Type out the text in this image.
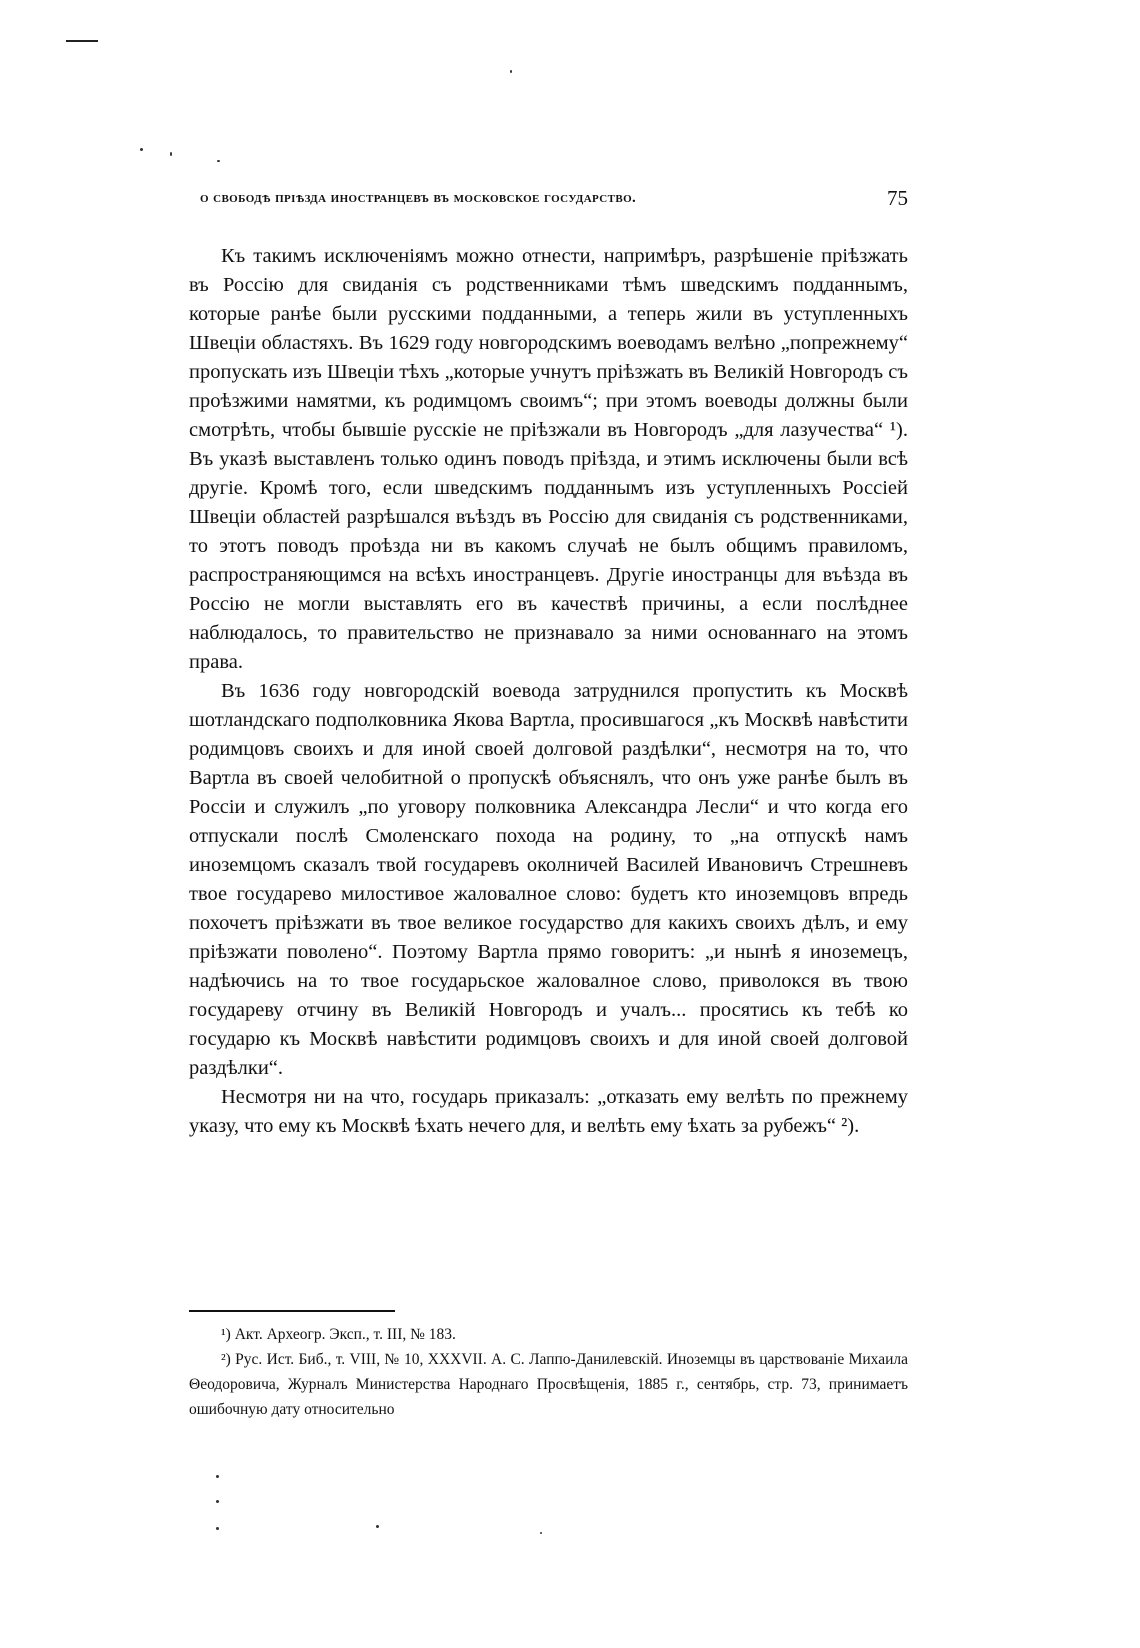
о свободѣ пріѣзда иностранцевъ въ московское государство.	75

Къ такимъ исключеніямъ можно отнести, напримѣръ, разрѣшеніе пріѣзжать въ Россію для свиданія съ родственниками тѣмъ шведскимъ подданнымъ, которые ранѣе были русскими подданными, а теперь жили въ уступленныхъ Швеціи областяхъ. Въ 1629 году новгородскимъ воеводамъ велѣно „попрежнему“ пропускать изъ Швеціи тѣхъ „которые учнутъ пріѣзжать въ Великій Новгородъ съ проѣзжими намятми, къ родимцомъ своимъ“; при этомъ воеводы должны были смотрѣть, чтобы бывшіе русскіе не пріѣзжали въ Новгородъ „для лазучества“ ¹). Въ указѣ выставленъ только одинъ поводъ пріѣзда, и этимъ исключены были всѣ другіе. Кромѣ того, если шведскимъ подданнымъ изъ уступленныхъ Россіей Швеціи областей разрѣшался въѣздъ въ Россію для свиданія съ родственниками, то этотъ поводъ проѣзда ни въ какомъ случаѣ не былъ общимъ правиломъ, распространяющимся на всѣхъ иностранцевъ. Другіе иностранцы для въѣзда въ Россію не могли выставлять его въ качествѣ причины, а если послѣднее наблюдалось, то правительство не признавало за ними основаннаго на этомъ права.

Въ 1636 году новгородскій воевода затруднился пропустить къ Москвѣ шотландскаго подполковника Якова Вартла, просившагося „къ Москвѣ навѣстити родимцовъ своихъ и для иной своей долговой раздѣлки“, несмотря на то, что Вартла въ своей челобитной о пропускѣ объяснялъ, что онъ уже ранѣе былъ въ Россіи и служилъ „по уговору полковника Александра Лесли“ и что когда его отпускали послѣ Смоленскаго похода на родину, то „на отпускѣ намъ иноземцомъ сказалъ твой государевъ околничей Василей Ивановичъ Стрешневъ твое государево милостивое жаловалное слово: будетъ кто иноземцовъ впредь похочетъ пріѣзжати въ твое великое государство для какихъ своихъ дѣлъ, и ему пріѣзжати поволено“. Поэтому Вартла прямо говоритъ: „и нынѣ я иноземецъ, надѣючись на то твое государьское жаловалное слово, приволокся въ твою государеву отчину въ Великій Новгородъ и учалъ... просятись къ тебѣ ко государю къ Москвѣ навѣстити родимцовъ своихъ и для иной своей долговой раздѣлки“.

Несмотря ни на что, государь приказалъ: „отказать ему велѣть по прежнему указу, что ему къ Москвѣ ѣхать нечего для, и велѣть ему ѣхать за рубежъ“ ²).

¹) Акт. Археогр. Эксп., т. III, № 183.

²) Рус. Ист. Биб., т. VIII, № 10, XXXVII. А. С. Лаппо-Данилевскій. Иноземцы въ царствованіе Михаила Θеодоровича, Журналъ Министерства Народнаго Просвѣщенія, 1885 г., сентябрь, стр. 73, принимаетъ ошибочную дату относительно
